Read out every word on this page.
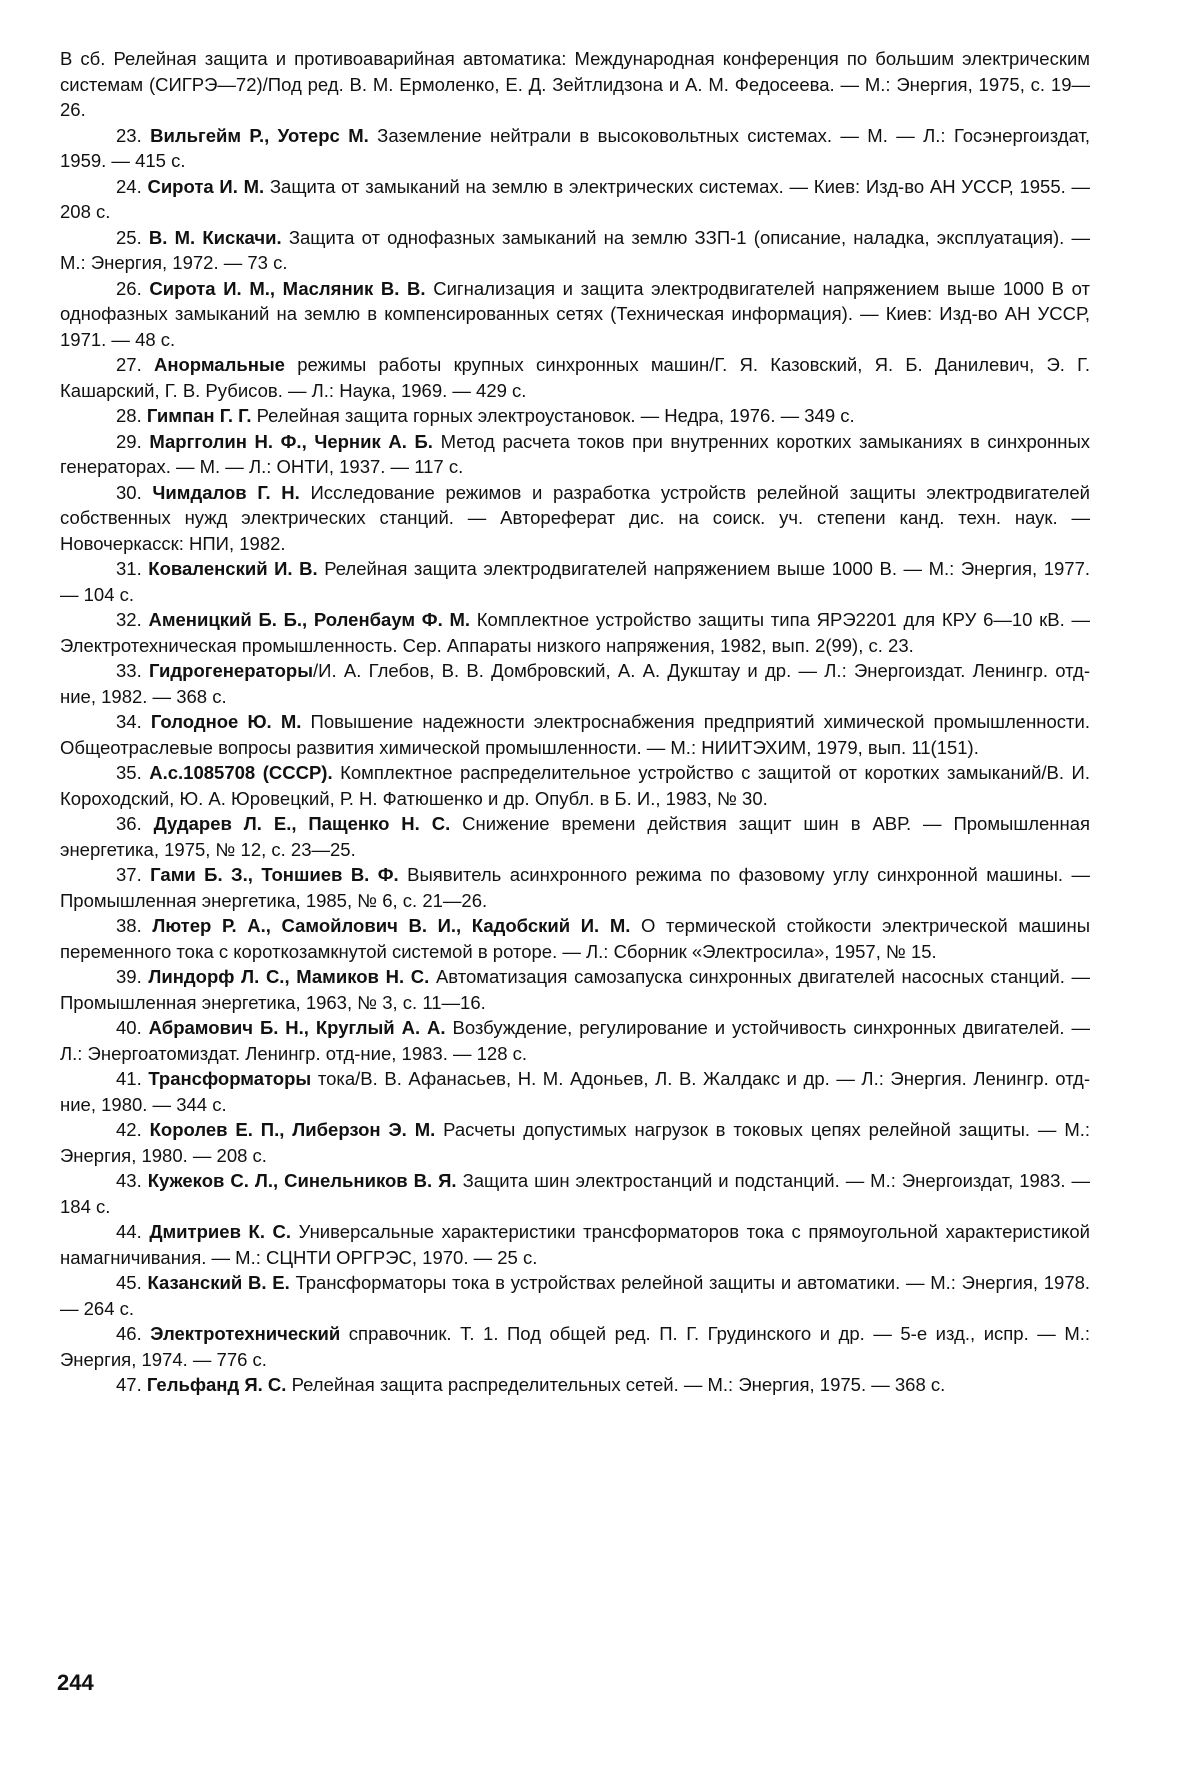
В сб. Релейная защита и противоаварийная автоматика: Международная конференция по большим электрическим системам (СИГРЭ—72)/Под ред. В. М. Ермоленко, Е. Д. Зейтлидзона и А. М. Федосеева. — М.: Энергия, 1975, с. 19—26.

23. Вильгейм Р., Уотерс М. Заземление нейтрали в высоковольтных системах. — М. — Л.: Госэнергоиздат, 1959. — 415 с.

24. Сирота И. М. Защита от замыканий на землю в электрических системах. — Киев: Изд-во АН УССР, 1955. — 208 с.

25. В. М. Кискачи. Защита от однофазных замыканий на землю ЗЗП-1 (описание, наладка, эксплуатация). — М.: Энергия, 1972. — 73 с.

26. Сирота И. М., Масляник В. В. Сигнализация и защита электродвигателей напряжением выше 1000 В от однофазных замыканий на землю в компенсированных сетях (Техническая информация). — Киев: Изд-во АН УССР, 1971. — 48 с.

27. Анормальные режимы работы крупных синхронных машин/Г. Я. Казовский, Я. Б. Данилевич, Э. Г. Кашарский, Г. В. Рубисов. — Л.: Наука, 1969. — 429 с.

28. Гимпан Г. Г. Релейная защита горных электроустановок. — Недра, 1976. — 349 с.

29. Маргголин Н. Ф., Черник А. Б. Метод расчета токов при внутренних коротких замыканиях в синхронных генераторах. — М. — Л.: ОНТИ, 1937. — 117 с.

30. Чимдалов Г. Н. Исследование режимов и разработка устройств релейной защиты электродвигателей собственных нужд электрических станций. — Автореферат дис. на соиск. уч. степени канд. техн. наук. — Новочеркасск: НПИ, 1982.

31. Коваленский И. В. Релейная защита электродвигателей напряжением выше 1000 В. — М.: Энергия, 1977. — 104 с.

32. Аменицкий Б. Б., Роленбаум Ф. М. Комплектное устройство защиты типа ЯРЭ2201 для КРУ 6—10 кВ. — Электротехническая промышленность. Сер. Аппараты низкого напряжения, 1982, вып. 2(99), с. 23.

33. Гидрогенераторы/И. А. Глебов, В. В. Домбровский, А. А. Дукштау и др. — Л.: Энергоиздат. Ленингр. отд-ние, 1982. — 368 с.

34. Голодное Ю. М. Повышение надежности электроснабжения предприятий химической промышленности. Общеотраслевые вопросы развития химической промышленности. — М.: НИИТЭХИМ, 1979, вып. 11(151).

35. А.с.1085708 (СССР). Комплектное распределительное устройство с защитой от коротких замыканий/В. И. Короходский, Ю. А. Юровецкий, Р. Н. Фатюшенко и др. Опубл. в Б. И., 1983, № 30.

36. Дударев Л. Е., Пащенко Н. С. Снижение времени действия защит шин в АВР. — Промышленная энергетика, 1975, № 12, с. 23—25.

37. Гами Б. З., Тоншиев В. Ф. Выявитель асинхронного режима по фазовому углу синхронной машины. — Промышленная энергетика, 1985, № 6, с. 21—26.

38. Лютер Р. А., Самойлович В. И., Кадобский И. М. О термической стойкости электрической машины переменного тока с короткозамкнутой системой в роторе. — Л.: Сборник «Электросила», 1957, № 15.

39. Линдорф Л. С., Мамиков Н. С. Автоматизация самозапуска синхронных двигателей насосных станций. — Промышленная энергетика, 1963, № 3, с. 11—16.

40. Абрамович Б. Н., Круглый А. А. Возбуждение, регулирование и устойчивость синхронных двигателей. — Л.: Энергоатомиздат. Ленингр. отд-ние, 1983. — 128 с.

41. Трансформаторы тока/В. В. Афанасьев, Н. М. Адоньев, Л. В. Жалдакс и др. — Л.: Энергия. Ленингр. отд-ние, 1980. — 344 с.

42. Королев Е. П., Либерзон Э. М. Расчеты допустимых нагрузок в токовых цепях релейной защиты. — М.: Энергия, 1980. — 208 с.

43. Кужеков С. Л., Синельников В. Я. Защита шин электростанций и подстанций. — М.: Энергоиздат, 1983. — 184 с.

44. Дмитриев К. С. Универсальные характеристики трансформаторов тока с прямоугольной характеристикой намагничивания. — М.: СЦНТИ ОРГРЭС, 1970. — 25 с.

45. Казанский В. Е. Трансформаторы тока в устройствах релейной защиты и автоматики. — М.: Энергия, 1978. — 264 с.

46. Электротехнический справочник. Т. 1. Под общей ред. П. Г. Грудинского и др. — 5-е изд., испр. — М.: Энергия, 1974. — 776 с.

47. Гельфанд Я. С. Релейная защита распределительных сетей. — М.: Энергия, 1975. — 368 с.

244
